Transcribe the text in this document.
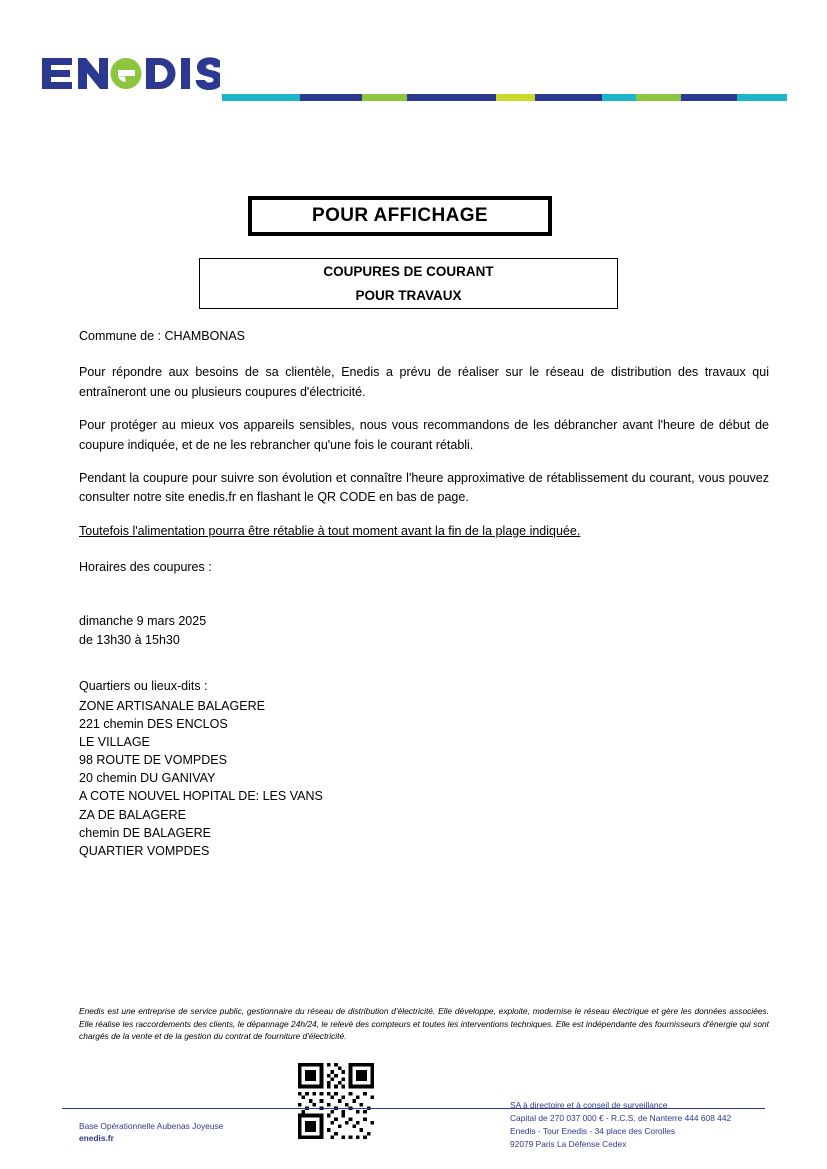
POUR AFFICHAGE
COUPURES DE COURANT
POUR TRAVAUX

Commune de : CHAMBONAS

Pour répondre aux besoins de sa clientèle, Enedis a prévu de réaliser sur le réseau de distribution des travaux qui entraîneront une ou plusieurs coupures d'électricité.

Pour protéger au mieux vos appareils sensibles, nous vous recommandons de les débrancher avant l'heure de début de coupure indiquée, et de ne les rebrancher qu'une fois le courant rétabli.

Pendant la coupure pour suivre son évolution et connaître l'heure approximative de rétablissement du courant, vous pouvez consulter notre site enedis.fr en flashant le QR CODE en bas de page.

Toutefois l'alimentation pourra être rétablie à tout moment avant la fin de la plage indiquée.

Horaires des coupures :

dimanche 9 mars 2025
de 13h30 à 15h30
Quartiers ou lieux-dits :
ZONE ARTISANALE BALAGERE
221 chemin DES ENCLOS
LE VILLAGE
98 ROUTE DE VOMPDES
20 chemin DU GANIVAY
A COTE NOUVEL HOPITAL DE: LES VANS
ZA DE BALAGERE
chemin DE BALAGERE
QUARTIER VOMPDES
Enedis est une entreprise de service public, gestionnaire du réseau de distribution d'électricité. Elle développe, exploite, modernise le réseau électrique et gère les données associées. Elle réalise les raccordements des clients, le dépannage 24h/24, le relevé des compteurs et toutes les interventions techniques. Elle est indépendante des fournisseurs d'énergie qui sont chargés de la vente et de la gestion du contrat de fourniture d'électricité.
Base Opérationnelle Aubenas Joyeuse
enedis.fr
SA à directoire et à conseil de surveillance
Capital de 270 037 000 € - R.C.S. de Nanterre 444 608 442
Enedis - Tour Enedis - 34 place des Corolles
92079 Paris La Défense Cedex
